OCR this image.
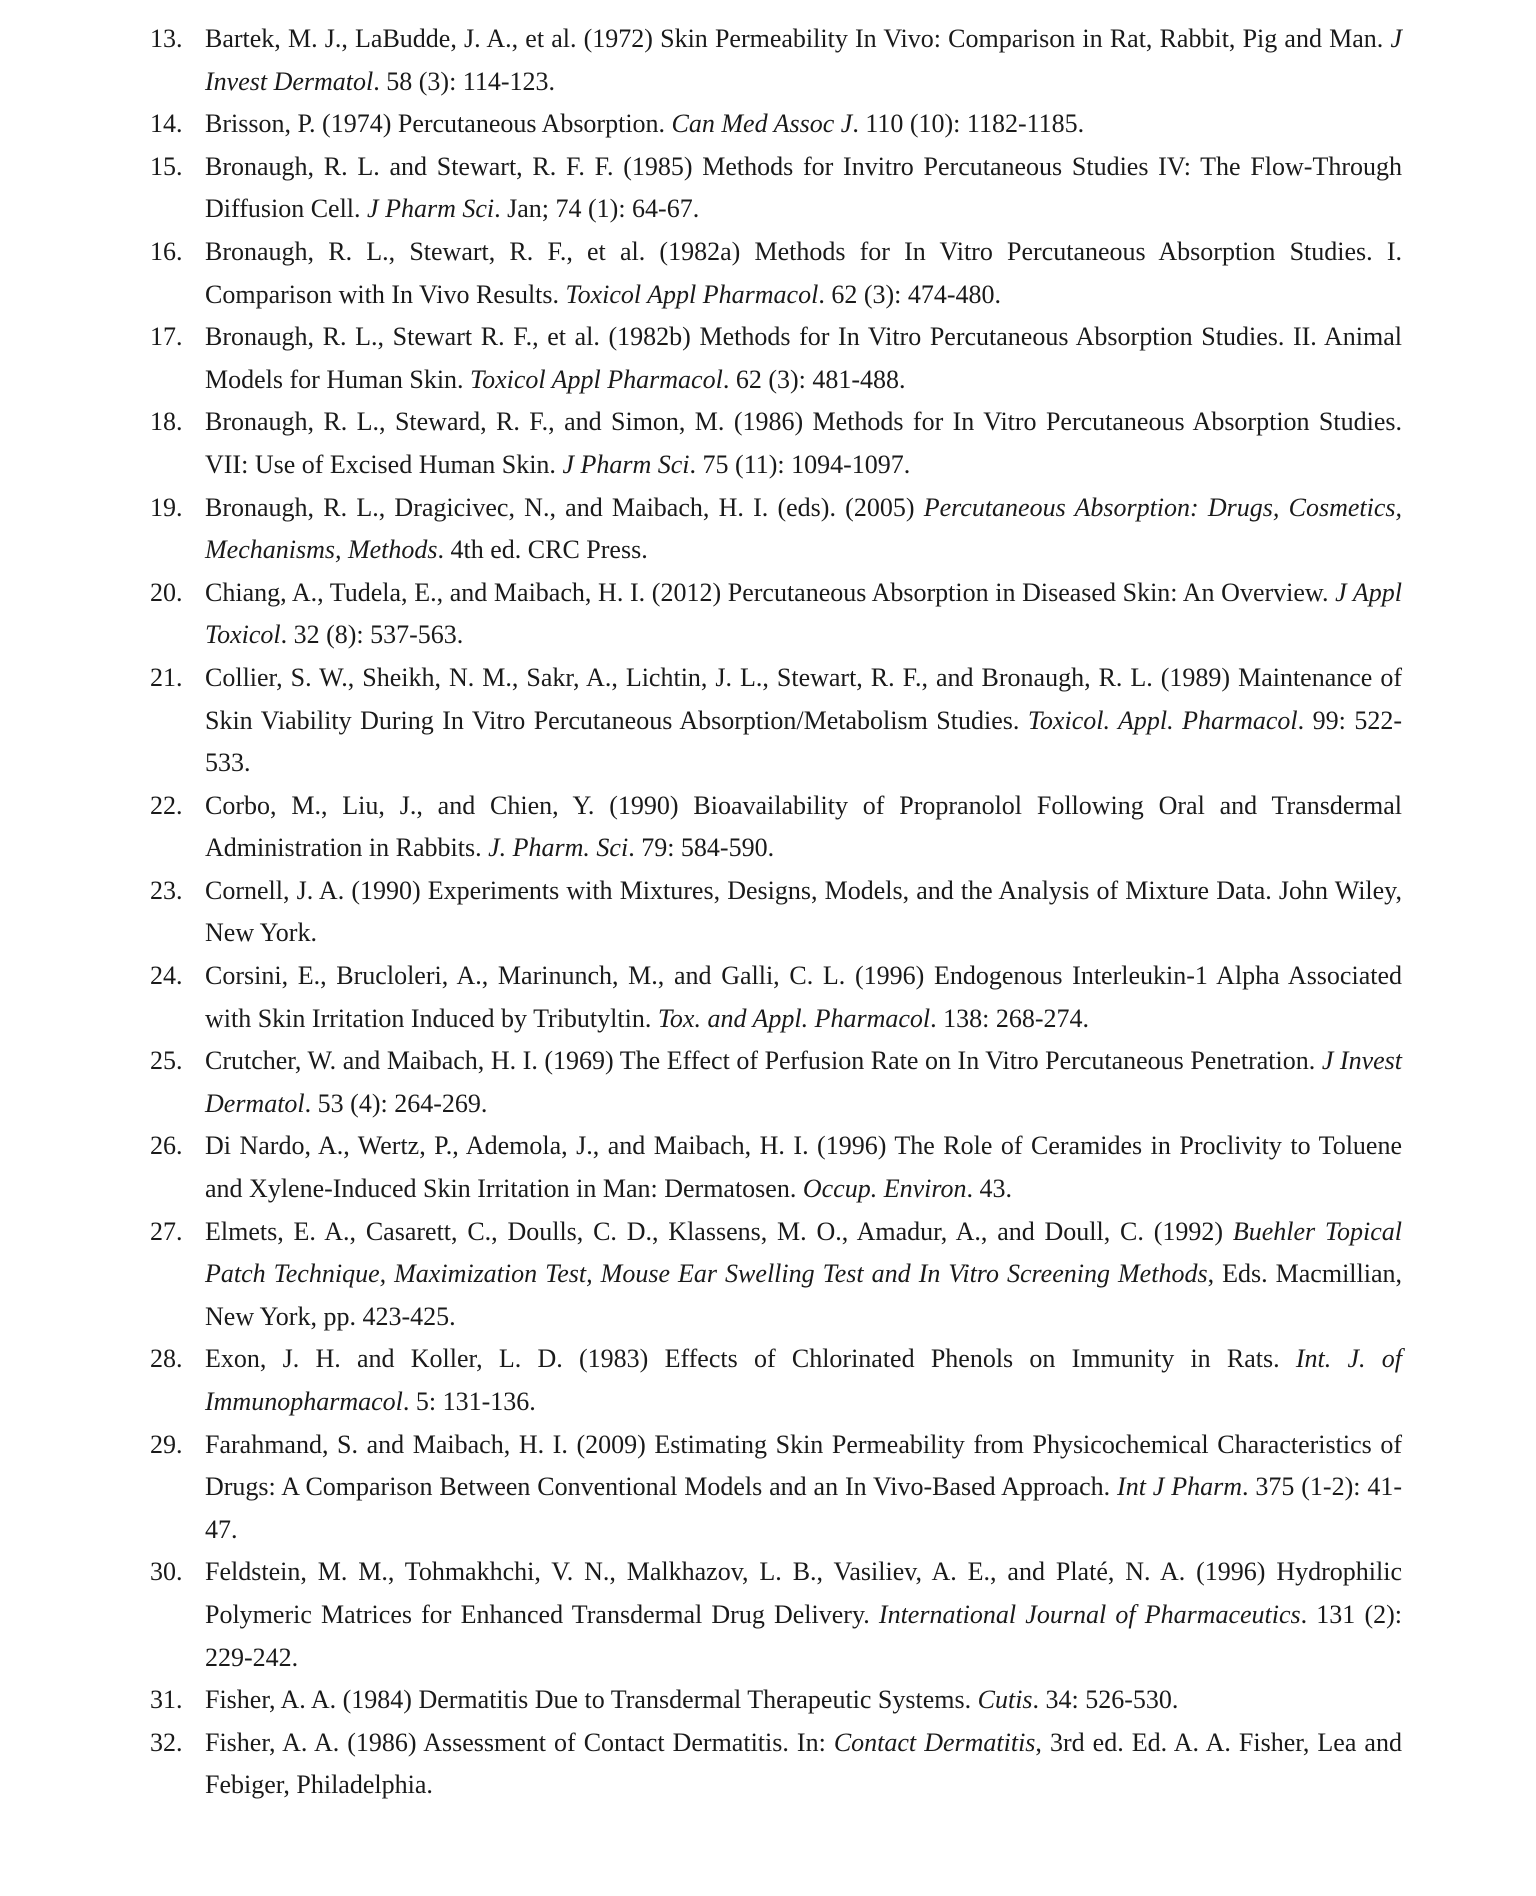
13. Bartek, M. J., LaBudde, J. A., et al. (1972) Skin Permeability In Vivo: Comparison in Rat, Rabbit, Pig and Man. J Invest Dermatol. 58 (3): 114-123.
14. Brisson, P. (1974) Percutaneous Absorption. Can Med Assoc J. 110 (10): 1182-1185.
15. Bronaugh, R. L. and Stewart, R. F. F. (1985) Methods for Invitro Percutaneous Studies IV: The Flow-Through Diffusion Cell. J Pharm Sci. Jan; 74 (1): 64-67.
16. Bronaugh, R. L., Stewart, R. F., et al. (1982a) Methods for In Vitro Percutaneous Absorption Studies. I. Comparison with In Vivo Results. Toxicol Appl Pharmacol. 62 (3): 474-480.
17. Bronaugh, R. L., Stewart R. F., et al. (1982b) Methods for In Vitro Percutaneous Absorption Studies. II. Animal Models for Human Skin. Toxicol Appl Pharmacol. 62 (3): 481-488.
18. Bronaugh, R. L., Steward, R. F., and Simon, M. (1986) Methods for In Vitro Percutaneous Absorption Studies. VII: Use of Excised Human Skin. J Pharm Sci. 75 (11): 1094-1097.
19. Bronaugh, R. L., Dragicivec, N., and Maibach, H. I. (eds). (2005) Percutaneous Absorption: Drugs, Cosmetics, Mechanisms, Methods. 4th ed. CRC Press.
20. Chiang, A., Tudela, E., and Maibach, H. I. (2012) Percutaneous Absorption in Diseased Skin: An Overview. J Appl Toxicol. 32 (8): 537-563.
21. Collier, S. W., Sheikh, N. M., Sakr, A., Lichtin, J. L., Stewart, R. F., and Bronaugh, R. L. (1989) Maintenance of Skin Viability During In Vitro Percutaneous Absorption/Metabolism Studies. Toxicol. Appl. Pharmacol. 99: 522-533.
22. Corbo, M., Liu, J., and Chien, Y. (1990) Bioavailability of Propranolol Following Oral and Transdermal Administration in Rabbits. J. Pharm. Sci. 79: 584-590.
23. Cornell, J. A. (1990) Experiments with Mixtures, Designs, Models, and the Analysis of Mixture Data. John Wiley, New York.
24. Corsini, E., Brucloleri, A., Marinunch, M., and Galli, C. L. (1996) Endogenous Interleukin-1 Alpha Associated with Skin Irritation Induced by Tributyltin. Tox. and Appl. Pharmacol. 138: 268-274.
25. Crutcher, W. and Maibach, H. I. (1969) The Effect of Perfusion Rate on In Vitro Percutaneous Penetration. J Invest Dermatol. 53 (4): 264-269.
26. Di Nardo, A., Wertz, P., Ademola, J., and Maibach, H. I. (1996) The Role of Ceramides in Proclivity to Toluene and Xylene-Induced Skin Irritation in Man: Dermatosen. Occup. Environ. 43.
27. Elmets, E. A., Casarett, C., Doulls, C. D., Klassens, M. O., Amadur, A., and Doull, C. (1992) Buehler Topical Patch Technique, Maximization Test, Mouse Ear Swelling Test and In Vitro Screening Methods, Eds. Macmillian, New York, pp. 423-425.
28. Exon, J. H. and Koller, L. D. (1983) Effects of Chlorinated Phenols on Immunity in Rats. Int. J. of Immunopharmacol. 5: 131-136.
29. Farahmand, S. and Maibach, H. I. (2009) Estimating Skin Permeability from Physicochemical Characteristics of Drugs: A Comparison Between Conventional Models and an In Vivo-Based Approach. Int J Pharm. 375 (1-2): 41-47.
30. Feldstein, M. M., Tohmakhchi, V. N., Malkhazov, L. B., Vasiliev, A. E., and Platé, N. A. (1996) Hydrophilic Polymeric Matrices for Enhanced Transdermal Drug Delivery. International Journal of Pharmaceutics. 131 (2): 229-242.
31. Fisher, A. A. (1984) Dermatitis Due to Transdermal Therapeutic Systems. Cutis. 34: 526-530.
32. Fisher, A. A. (1986) Assessment of Contact Dermatitis. In: Contact Dermatitis, 3rd ed. Ed. A. A. Fisher, Lea and Febiger, Philadelphia.
